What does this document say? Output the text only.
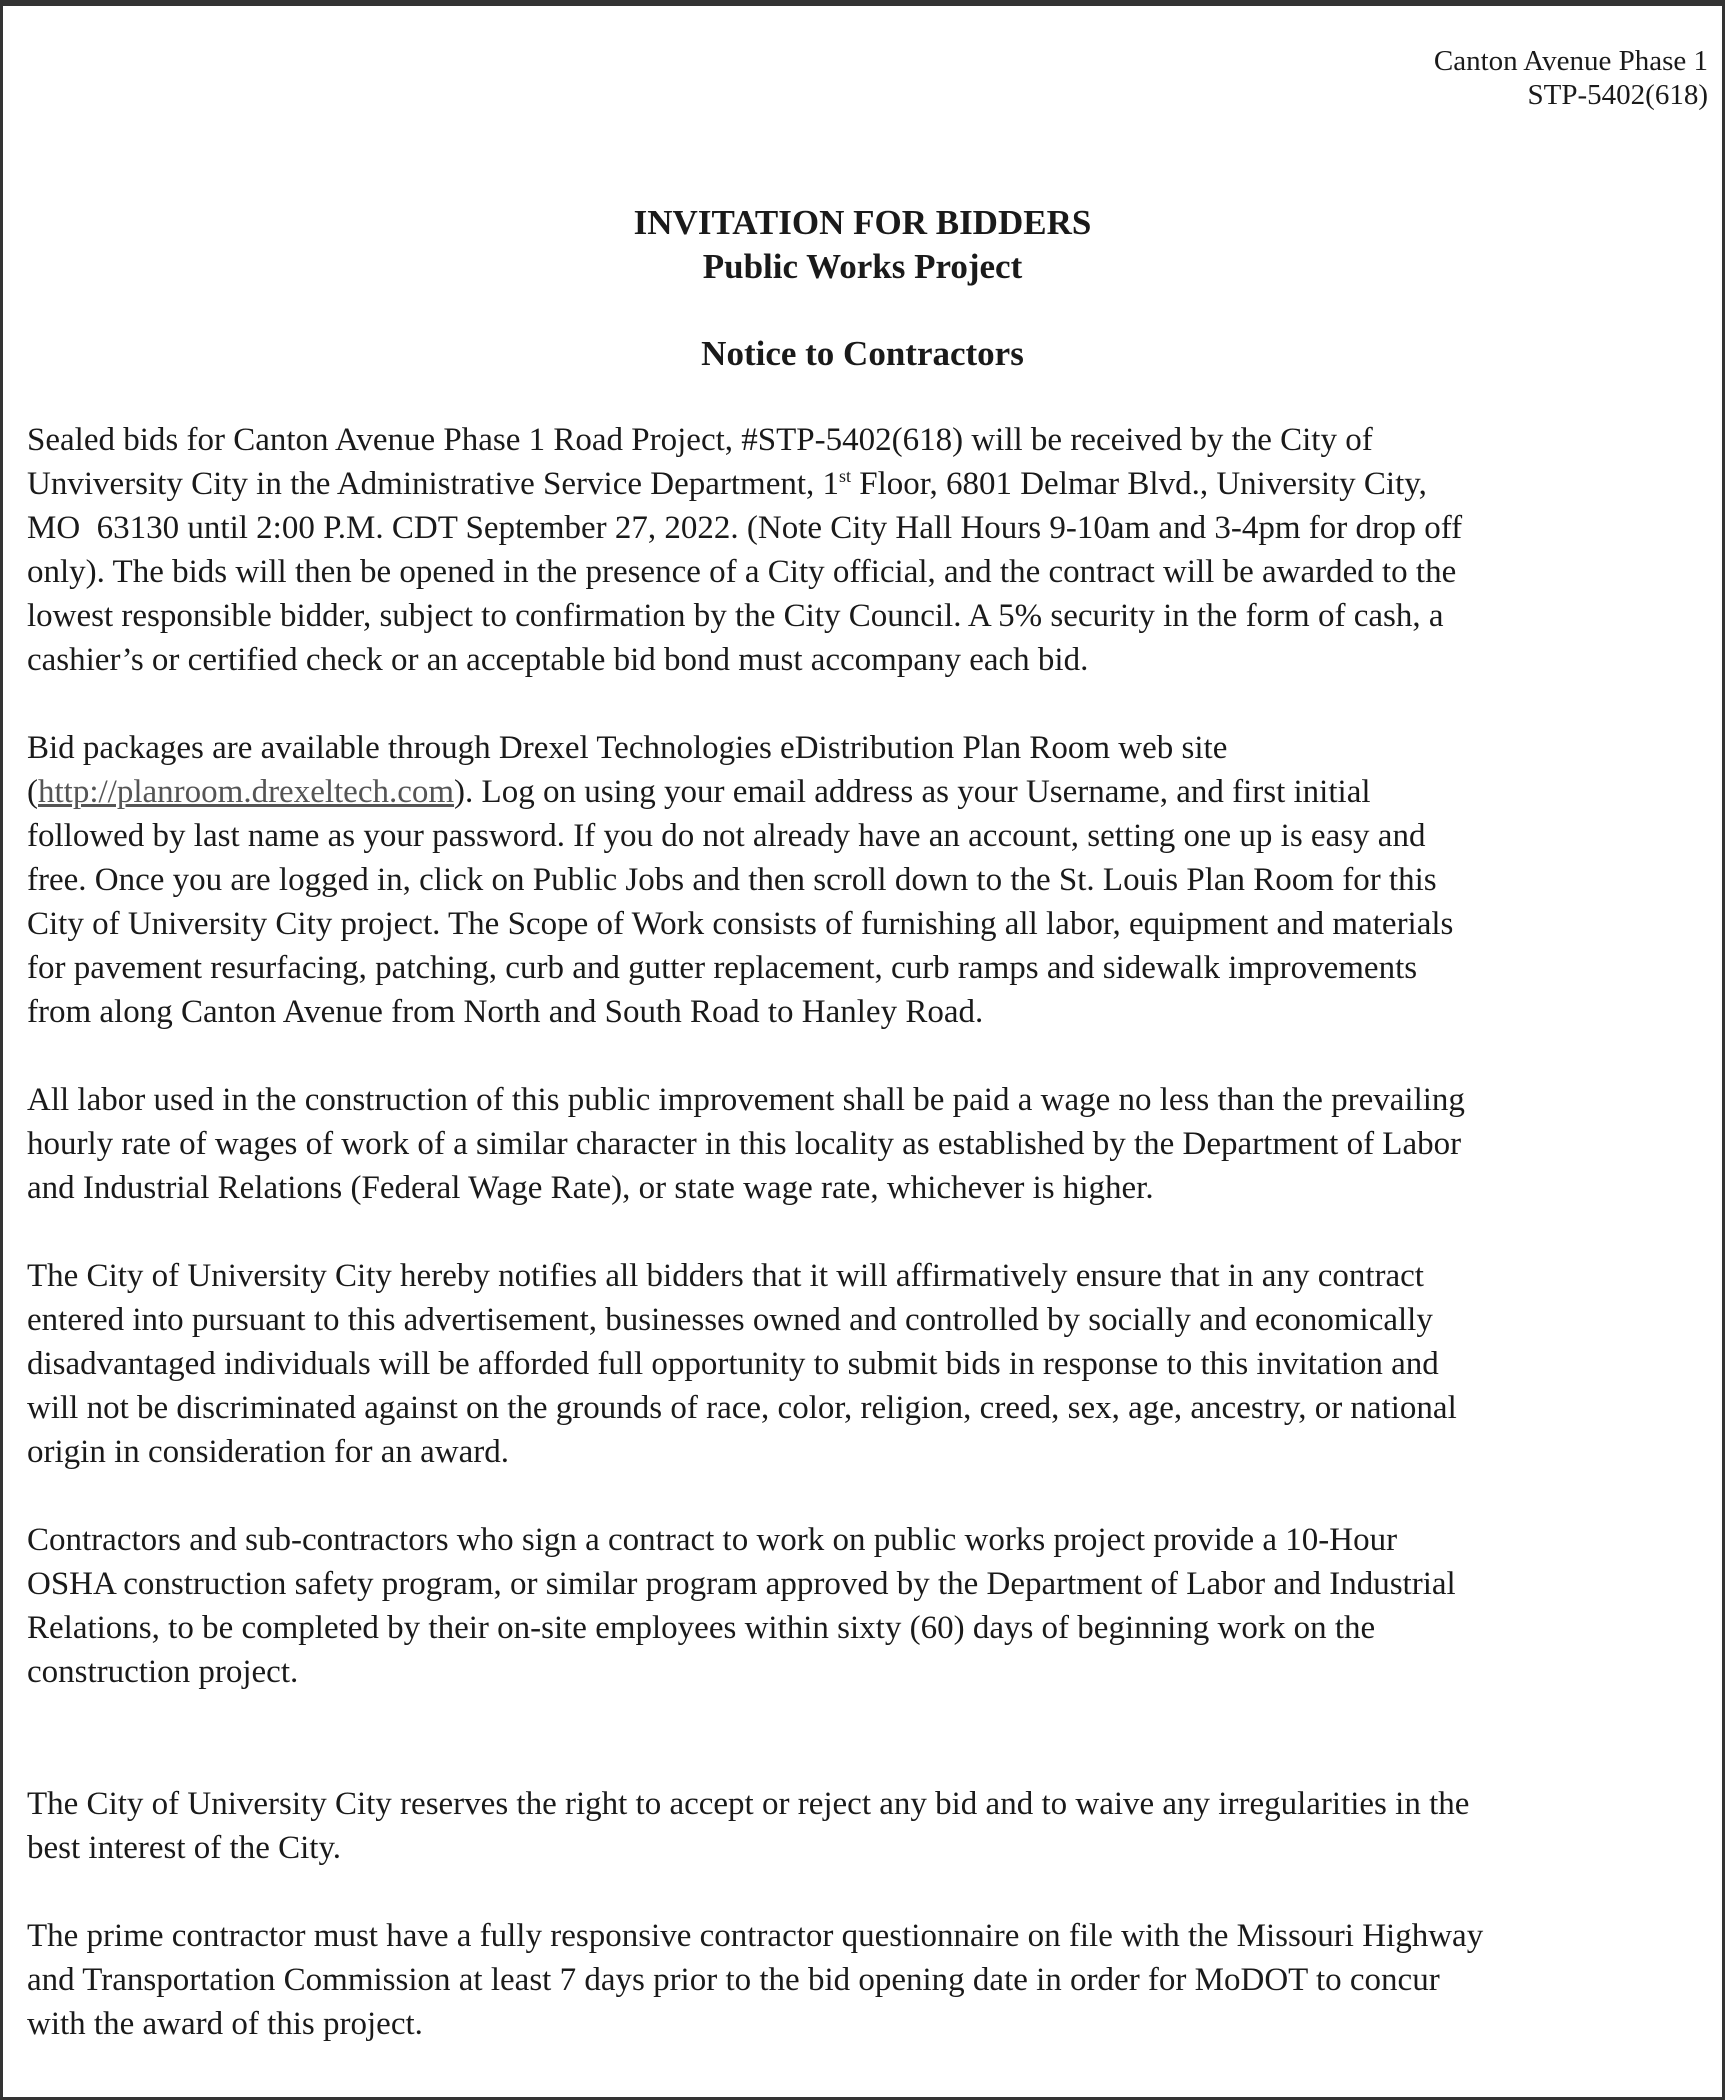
Canton Avenue Phase 1
STP-5402(618)
INVITATION FOR BIDDERS
Public Works Project
Notice to Contractors
Sealed bids for Canton Avenue Phase 1 Road Project, #STP-5402(618) will be received by the City of
Unviversity City in the Administrative Service Department, 1st Floor, 6801 Delmar Blvd., University City,
MO  63130 until 2:00 P.M. CDT September 27, 2022. (Note City Hall Hours 9-10am and 3-4pm for drop off
only). The bids will then be opened in the presence of a City official, and the contract will be awarded to the
lowest responsible bidder, subject to confirmation by the City Council. A 5% security in the form of cash, a
cashier’s or certified check or an acceptable bid bond must accompany each bid.
Bid packages are available through Drexel Technologies eDistribution Plan Room web site
(http://planroom.drexeltech.com). Log on using your email address as your Username, and first initial
followed by last name as your password. If you do not already have an account, setting one up is easy and
free. Once you are logged in, click on Public Jobs and then scroll down to the St. Louis Plan Room for this
City of University City project. The Scope of Work consists of furnishing all labor, equipment and materials
for pavement resurfacing, patching, curb and gutter replacement, curb ramps and sidewalk improvements
from along Canton Avenue from North and South Road to Hanley Road.
All labor used in the construction of this public improvement shall be paid a wage no less than the prevailing
hourly rate of wages of work of a similar character in this locality as established by the Department of Labor
and Industrial Relations (Federal Wage Rate), or state wage rate, whichever is higher.
The City of University City hereby notifies all bidders that it will affirmatively ensure that in any contract
entered into pursuant to this advertisement, businesses owned and controlled by socially and economically
disadvantaged individuals will be afforded full opportunity to submit bids in response to this invitation and
will not be discriminated against on the grounds of race, color, religion, creed, sex, age, ancestry, or national
origin in consideration for an award.
Contractors and sub-contractors who sign a contract to work on public works project provide a 10-Hour
OSHA construction safety program, or similar program approved by the Department of Labor and Industrial
Relations, to be completed by their on-site employees within sixty (60) days of beginning work on the
construction project.
The City of University City reserves the right to accept or reject any bid and to waive any irregularities in the
best interest of the City.
The prime contractor must have a fully responsive contractor questionnaire on file with the Missouri Highway
and Transportation Commission at least 7 days prior to the bid opening date in order for MoDOT to concur
with the award of this project.
